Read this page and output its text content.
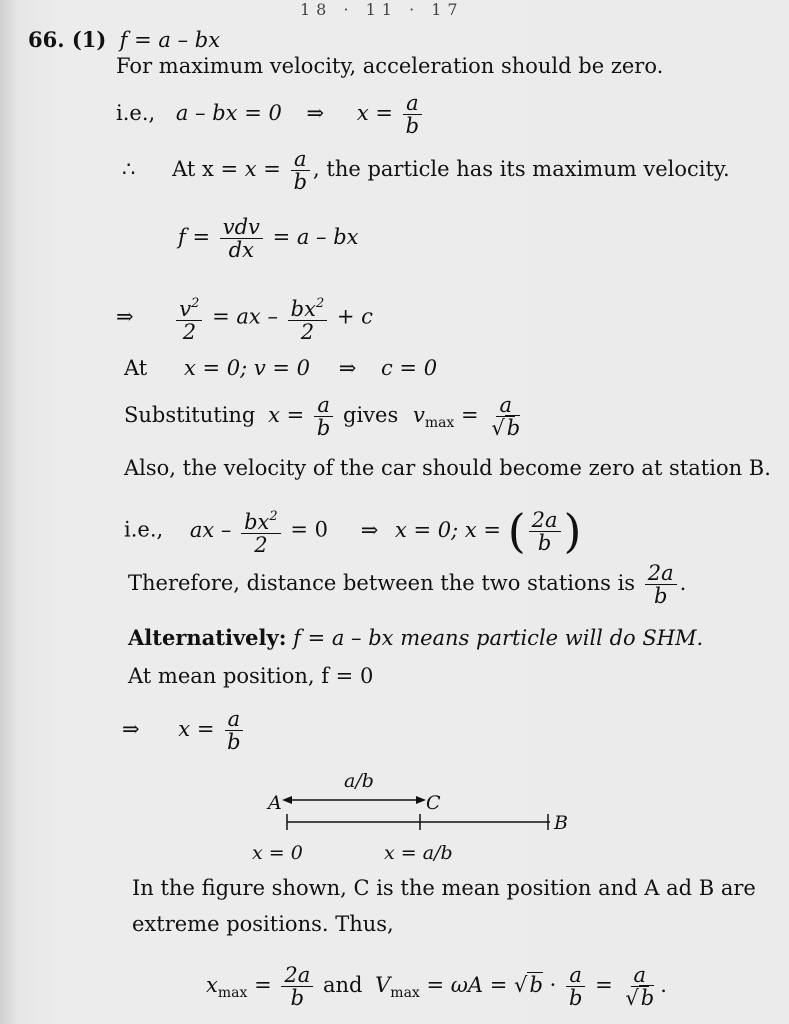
18 · 11 · 17
66. (1) f = a – bx
For maximum velocity, acceleration should be zero.
i.e., a – bx = 0 ⇒ $x = \frac{a}{b}$
∴ At $x = x = \frac{a}{b}$ , the particle has its maximum velocity.
$f = \frac{\text{vdv}}{dx} = a$ – bx
⇒ $\frac{v^2}{2}$ = ax – $\frac{bx^2}{2} + c$
At x = 0; v = 0 ⇒ c = 0
Substituting $x = \frac{a}{b}$ gives $v_{max} = \frac{a}{√b}$
Also, the velocity of the car should become zero at station B.
i.e., ax – $\frac{bx^2}{2} = 0$ ⇒ x = 0; x = ( $\frac{2a}{b}$ )
Therefore, distance between the two stations is $\frac{2a}{b}$ .
Alternatively: f = a – bx means particle will do SHM.
At mean position, f = 0
⇒ $x = \frac{a}{b}$
a/b
A	C
B
x = 0	x = a/b
In the figure shown, C is the mean position and A ad B are
extreme positions. Thus,
$x_{max} = \frac{2a}{b}$ and $V_{max} = \omega A = √b \cdot \frac{a}{b} = \frac{a}{√b}$ .
